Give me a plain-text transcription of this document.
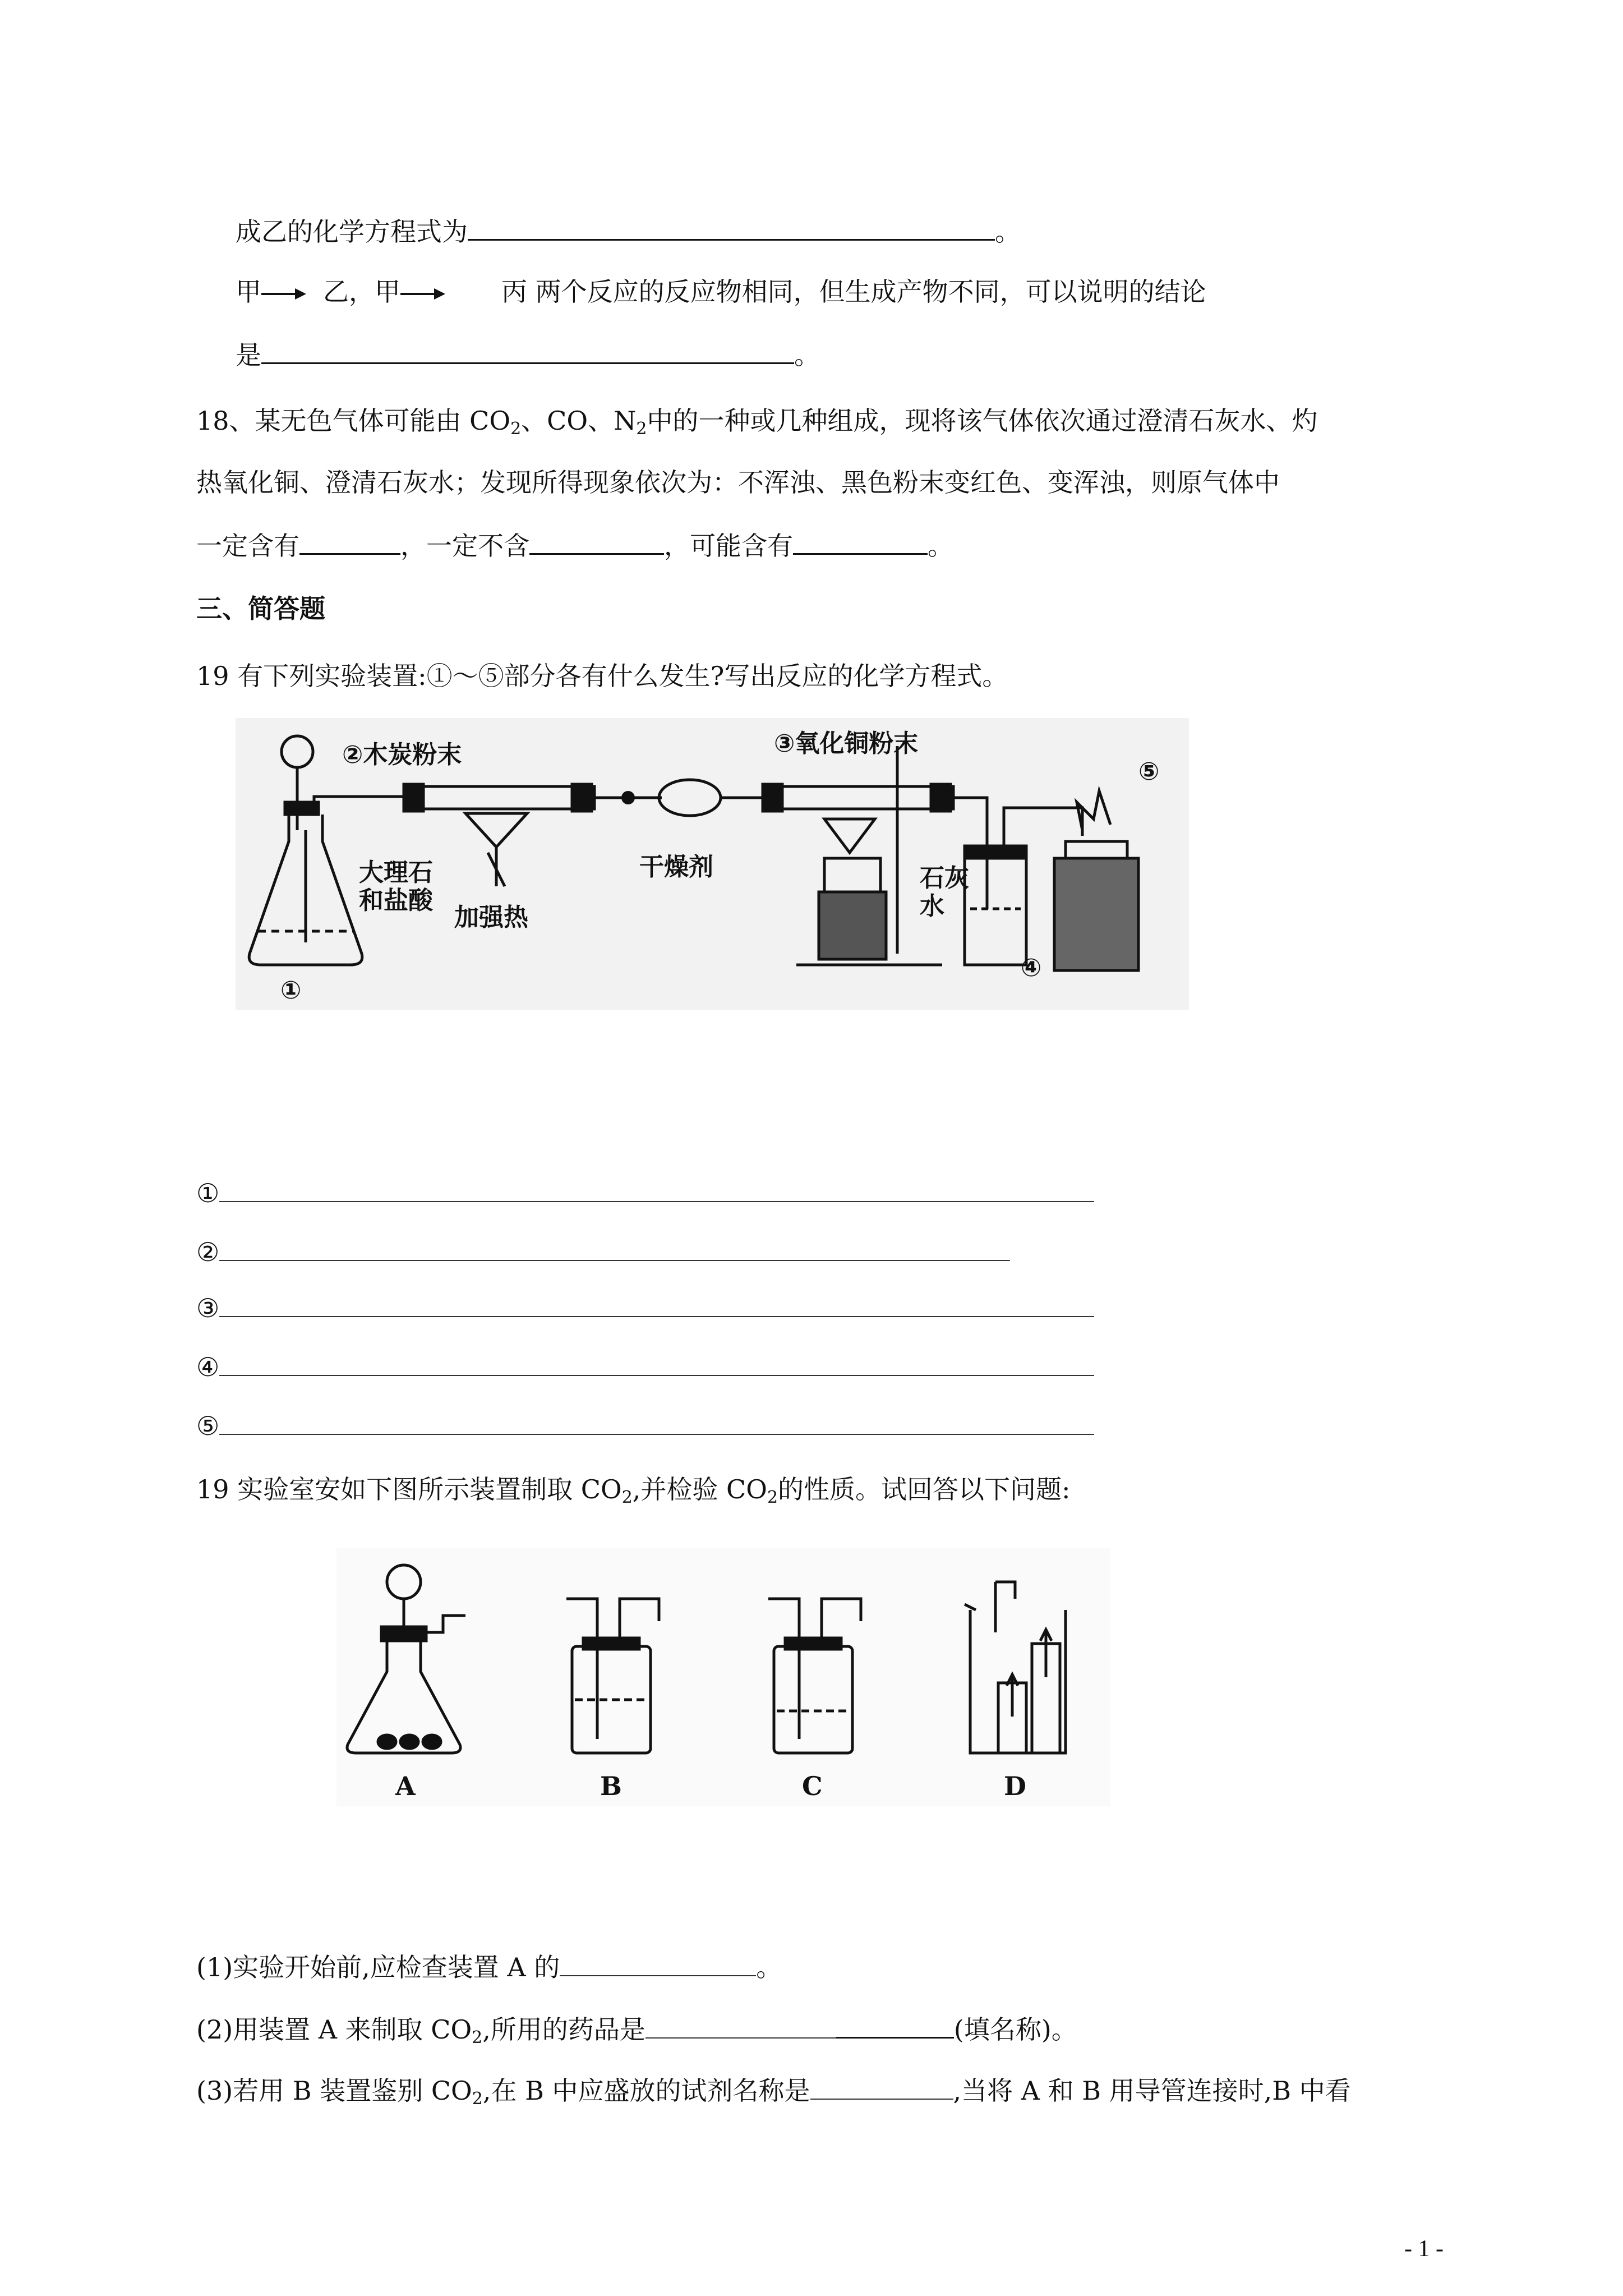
成乙的化学方程式为	。
甲→ 乙，甲→ 丙 两个反应的反应物相同，但生成产物不同，可以说明的结论
是	。
18、某无色气体可能由 $CO_2$、CO、$N_2$中的一种或几种组成，现将该气体依次通过澄清石灰水、灼
热氧化铜、澄清石灰水；发现所得现象依次为：不浑浊、黑色粉末变红色、变浑浊，则原气体中
一定含有	，一定不含	，可能含有	。
三、简答题
19 有下列实验装置:①～⑤部分各有什么发生?写出反应的化学方程式。
大理石
和盐酸
①
②木炭粉末
加强热
干燥剂
③氧化铜粉末
石灰
水
④
⑤
①
②
③
④
⑤
19 实验室安如下图所示装置制取 $CO_2$,并检验 $CO_2$的性质。试回答以下问题:
A	B	C	D
(1)实验开始前,应检查装置 A 的	。
(2)用装置 A 来制取 $CO_2$,所用的药品是	(填名称)。
(3)若用 B 装置鉴别 $CO_2$,在 B 中应盛放的试剂名称是	,当将 A 和 B 用导管连接时,B 中看
- 1 -
